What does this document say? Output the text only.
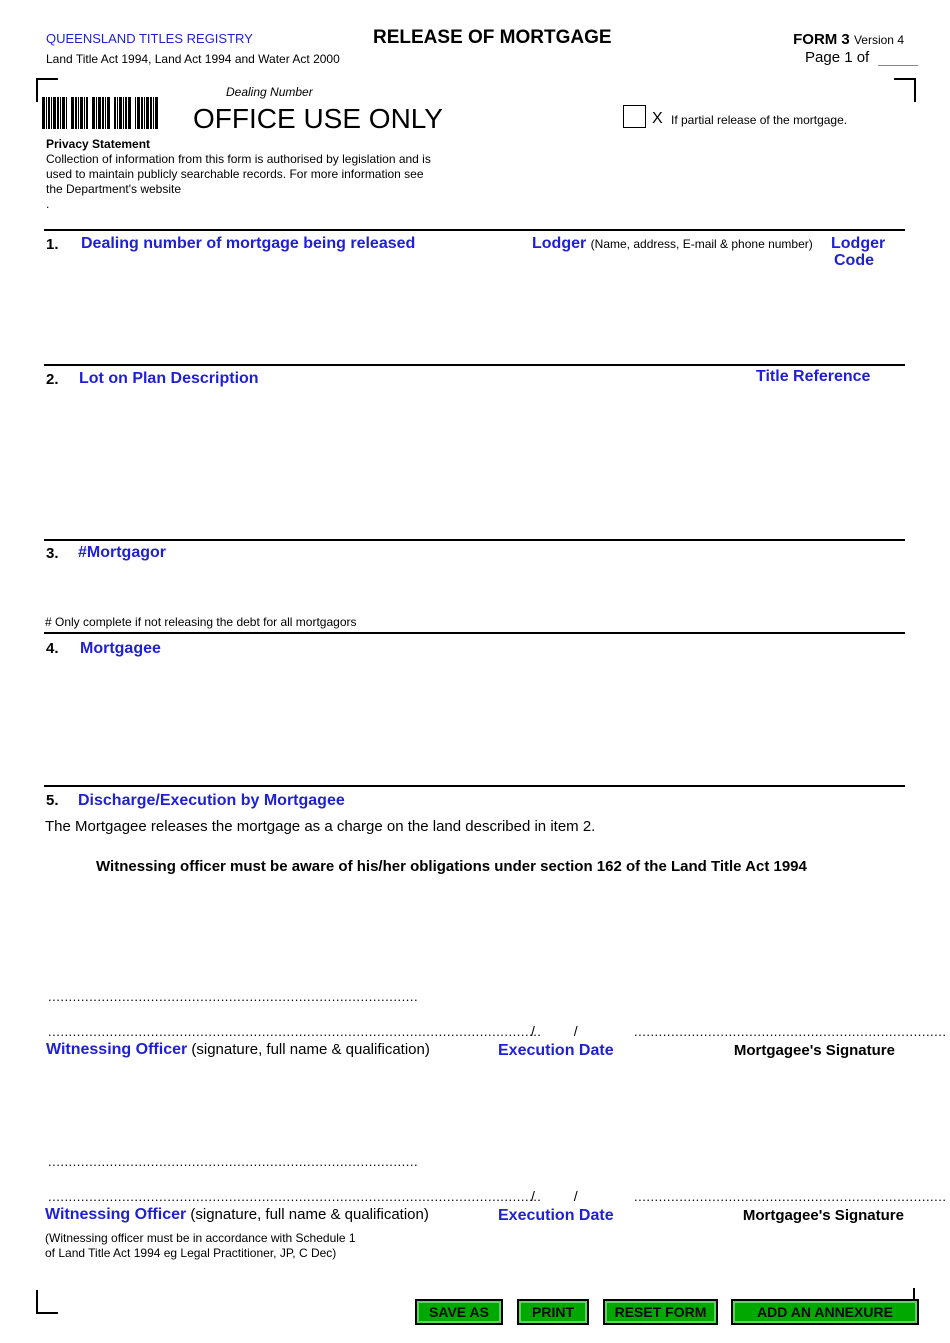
QUEENSLAND TITLES REGISTRY
Land Title Act 1994, Land Act 1994 and Water Act 2000
RELEASE OF MORTGAGE	FORM 3 Version 4
Page 1 of
Dealing Number
OFFICE USE ONLY	X If partial release of the mortgage.
Privacy Statement
Collection of information from this form is authorised by legislation and is
used to maintain publicly searchable records. For more information see
the Department's website
.
1. Dealing number of mortgage being released	Lodger (Name, address, E-mail & phone number) Lodger
Code
2. Lot on Plan Description	Title Reference
3. #Mortgagor
# Only complete if not releasing the debt for all mortgagors
4. Mortgagee
5. Discharge/Execution by Mortgagee
The Mortgagee releases the mortgage as a charge on the land described in item 2.
Witnessing officer must be aware of his/her obligations under section 162 of the Land Title Act 1994
..........................................................................................
........................................................................................................................
/          /	............................................................................
Witnessing Officer (signature, full name & qualification)	Execution Date	Mortgagee's Signature
..........................................................................................
........................................................................................................................
/          /	............................................................................
Witnessing Officer (signature, full name & qualification)	Execution Date	Mortgagee's Signature
(Witnessing officer must be in accordance with Schedule 1
of Land Title Act 1994 eg Legal Practitioner, JP, C Dec)
SAVE AS	PRINT	RESET FORM	ADD AN ANNEXURE
